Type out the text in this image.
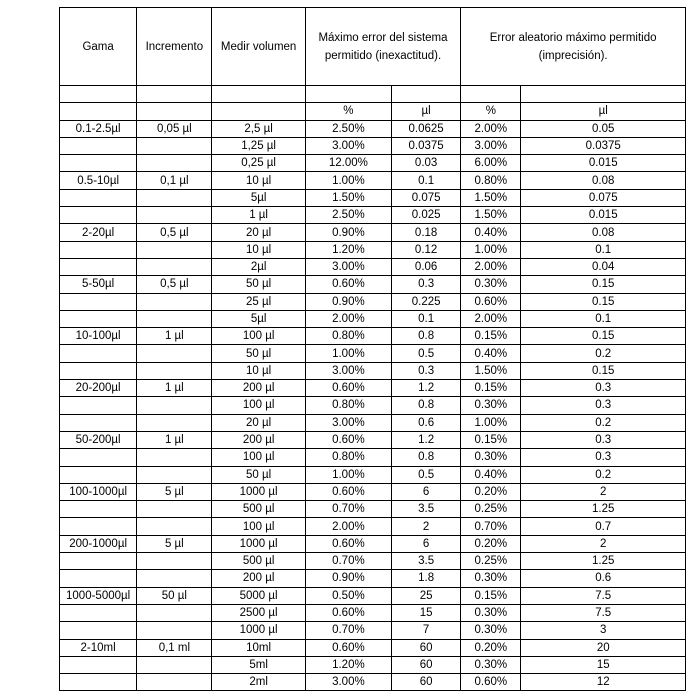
Gama	Incremento	Medir volumen	Máximo error del sistema permitido (inexactitud).		Error aleatorio máximo permitido (imprecisión).	

			%	µl	%	µl
0.1-2.5µl	0,05 µl	2,5 µl	2.50%	0.0625	2.00%	0.05
		1,25 µl	3.00%	0.0375	3.00%	0.0375
		0,25 µl	12.00%	0.03	6.00%	0.015
0.5-10µl	0,1 µl	10 µl	1.00%	0.1	0.80%	0.08
		5µl	1.50%	0.075	1.50%	0.075
		1 µl	2.50%	0.025	1.50%	0.015
2-20µl	0,5 µl	20 µl	0.90%	0.18	0.40%	0.08
		10 µl	1.20%	0.12	1.00%	0.1
		2µl	3.00%	0.06	2.00%	0.04
5-50µl	0,5 µl	50 µl	0.60%	0.3	0.30%	0.15
		25 µl	0.90%	0.225	0.60%	0.15
		5µl	2.00%	0.1	2.00%	0.1
10-100µl	1 µl	100 µl	0.80%	0.8	0.15%	0.15
		50 µl	1.00%	0.5	0.40%	0.2
		10 µl	3.00%	0.3	1.50%	0.15
20-200µl	1 µl	200 µl	0.60%	1.2	0.15%	0.3
		100 µl	0.80%	0.8	0.30%	0.3
		20 µl	3.00%	0.6	1.00%	0.2
50-200µl	1 µl	200 µl	0.60%	1.2	0.15%	0.3
		100 µl	0.80%	0.8	0.30%	0.3
		50 µl	1.00%	0.5	0.40%	0.2
100-1000µl	5 µl	1000 µl	0.60%	6	0.20%	2
		500 µl	0.70%	3.5	0.25%	1.25
		100 µl	2.00%	2	0.70%	0.7
200-1000µl	5 µl	1000 µl	0.60%	6	0.20%	2
		500 µl	0.70%	3.5	0.25%	1.25
		200 µl	0.90%	1.8	0.30%	0.6
1000-5000µl	50 µl	5000 µl	0.50%	25	0.15%	7.5
		2500 µl	0.60%	15	0.30%	7.5
		1000 µl	0.70%	7	0.30%	3
2-10ml	0,1 ml	10ml	0.60%	60	0.20%	20
		5ml	1.20%	60	0.30%	15
		2ml	3.00%	60	0.60%	12
